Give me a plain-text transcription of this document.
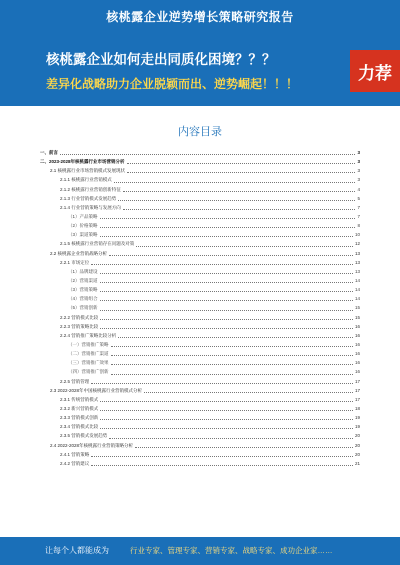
核桃露企业逆势增长策略研究报告
核桃露企业如何走出同质化困境？？？
差异化战略助力企业脱颖而出、逆势崛起！！！
力荐
内容目录
一、前言	3
二、2023-2028年核桃露行业市场营销分析	3
2.1 核桃露行业市场营销模式发展现状	3
2.1.1 核桃露行业营销模式	3
2.1.2 核桃露行业营销创新特征	4
2.1.3 行业营销模式发展趋势	5
2.1.4 行业营销策略与发展方向	7
（1）产品策略	7
（2）价格策略	8
（3）渠道策略	10
2.1.5 核桃露行业营销存在问题及对策	12
2.2 核桃露企业营销战略分析	13
2.2.1 市场定位	13
（1）品牌建设	13
（2）营销渠道	14
（3）营销策略	14
（4）营销组合	14
（5）营销创新	15
2.2.2 营销模式比较	15
2.2.3 营销策略比较	16
2.2.4 营销推广策略比较分析	16
（一）营销推广策略	16
（二）营销推广渠道	16
（三）营销推广效果	16
（四）营销推广创新	16
2.2.5 营销管理	17
2.3 2022-2028年中国核桃露行业营销模式分析	17
2.3.1 传统营销模式	17
2.3.2 新兴营销模式	18
2.3.3 营销模式创新	19
2.3.4 营销模式比较	19
2.3.5 营销模式发展趋势	20
2.4 2022-2028年核桃露行业营销策略分析	20
2.4.1 营销策略	20
2.4.2 营销建议	21
让每个人都能成为	行业专家、管理专家、营销专家、战略专家、成功企业家……
